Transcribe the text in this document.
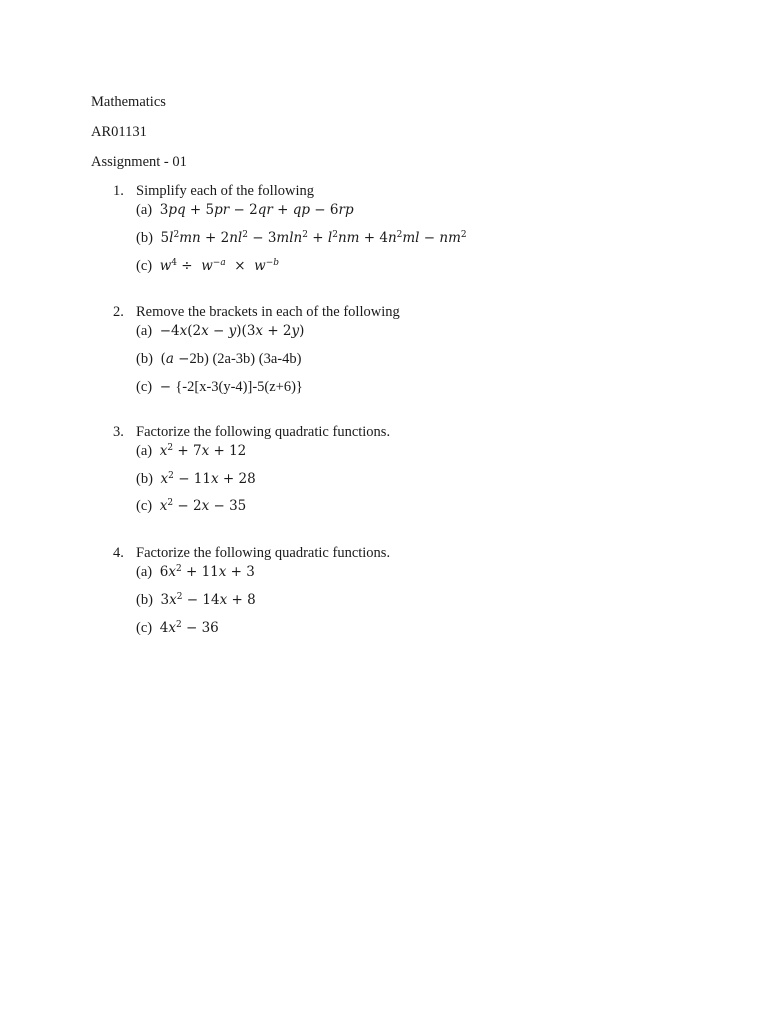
Mathematics

AR01131

Assignment - 01

1. Simplify each of the following
(a) 3pq + 5pr − 2qr + qp − 6rp
(b) $5l^2mn + 2nl^2 - 3mln^2 + l^2nm + 4n^2ml - nm^2$
(c) $w^4 \div w^{-a} \times w^{-b}$
2. Remove the brackets in each of the following
(a) −4x(2x − y)(3x + 2y)
(b) (a −2b) (2a-3b) (3a-4b)
(c) − {-2[x-3(y-4)]-5(z+6)}
3. Factorize the following quadratic functions.
(a) $x^2 + 7x + 12$
(b) $x^2 - 11x + 28$
(c) $x^2 - 2x - 35$
4. Factorize the following quadratic functions.
(a) $6x^2 + 11x + 3$
(b) $3x^2 - 14x + 8$
(c) $4x^2 - 36$
